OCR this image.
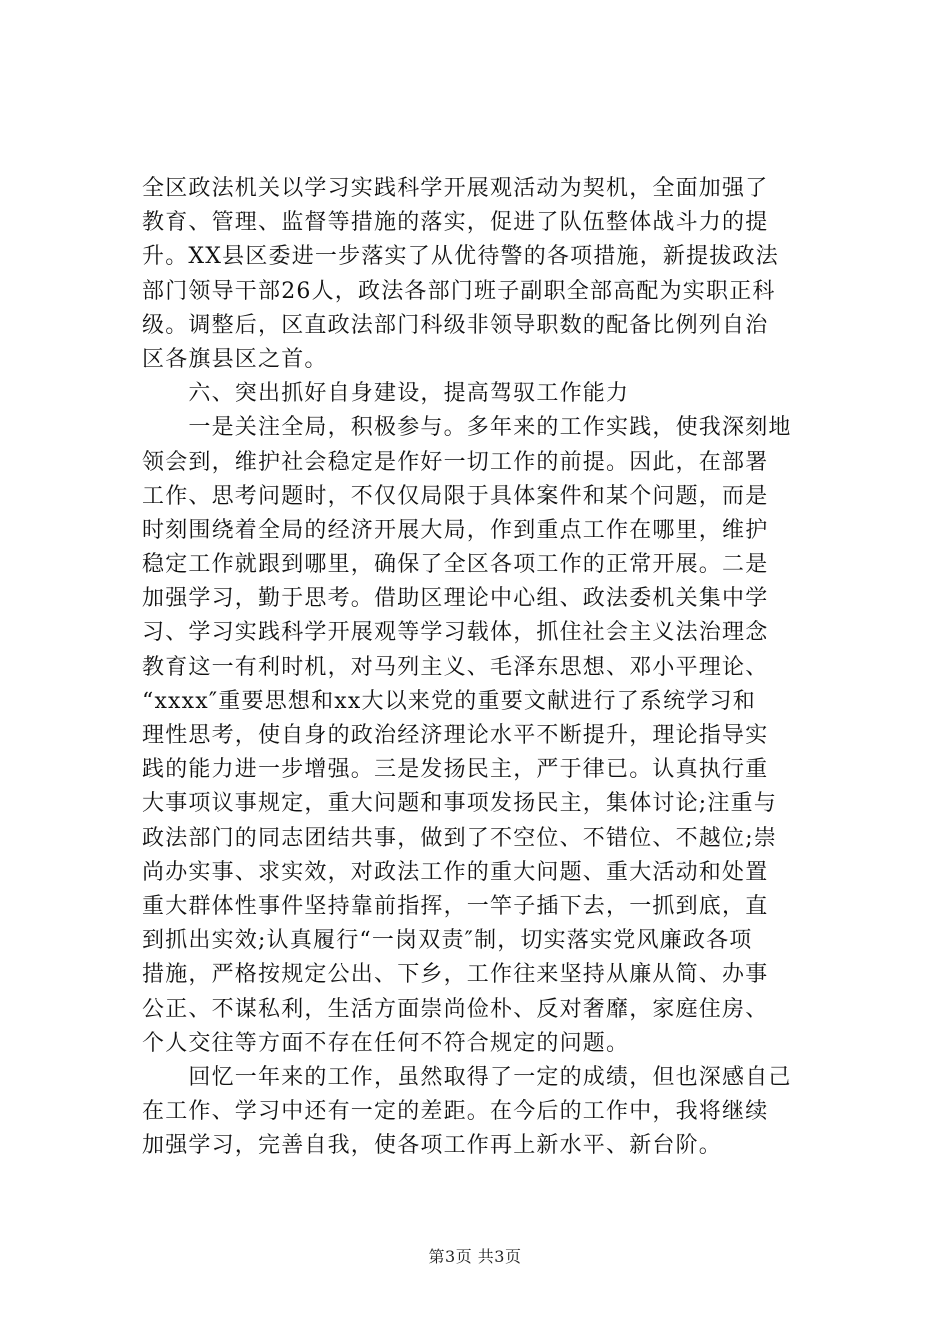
全区政法机关以学习实践科学开展观活动为契机，全面加强了
教育、管理、监督等措施的落实，促进了队伍整体战斗力的提
升。XX县区委进一步落实了从优待警的各项措施，新提拔政法
部门领导干部26人，政法各部门班子副职全部高配为实职正科
级。调整后，区直政法部门科级非领导职数的配备比例列自治
区各旗县区之首。
　　六、突出抓好自身建设，提高驾驭工作能力
　　一是关注全局，积极参与。多年来的工作实践，使我深刻地
领会到，维护社会稳定是作好一切工作的前提。因此，在部署
工作、思考问题时，不仅仅局限于具体案件和某个问题，而是
时刻围绕着全局的经济开展大局，作到重点工作在哪里，维护
稳定工作就跟到哪里，确保了全区各项工作的正常开展。二是
加强学习，勤于思考。借助区理论中心组、政法委机关集中学
习、学习实践科学开展观等学习载体，抓住社会主义法治理念
教育这一有利时机，对马列主义、毛泽东思想、邓小平理论、
“xxxx″重要思想和xx大以来党的重要文献进行了系统学习和
理性思考，使自身的政治经济理论水平不断提升，理论指导实
践的能力进一步增强。三是发扬民主，严于律已。认真执行重
大事项议事规定，重大问题和事项发扬民主，集体讨论;注重与
政法部门的同志团结共事，做到了不空位、不错位、不越位;崇
尚办实事、求实效，对政法工作的重大问题、重大活动和处置
重大群体性事件坚持靠前指挥，一竿子插下去，一抓到底，直
到抓出实效;认真履行“一岗双责″制，切实落实党风廉政各项
措施，严格按规定公出、下乡，工作往来坚持从廉从简、办事
公正、不谋私利，生活方面崇尚俭朴、反对奢靡，家庭住房、
个人交往等方面不存在任何不符合规定的问题。
　　回忆一年来的工作，虽然取得了一定的成绩，但也深感自己
在工作、学习中还有一定的差距。在今后的工作中，我将继续
加强学习，完善自我，使各项工作再上新水平、新台阶。
第3页 共3页
